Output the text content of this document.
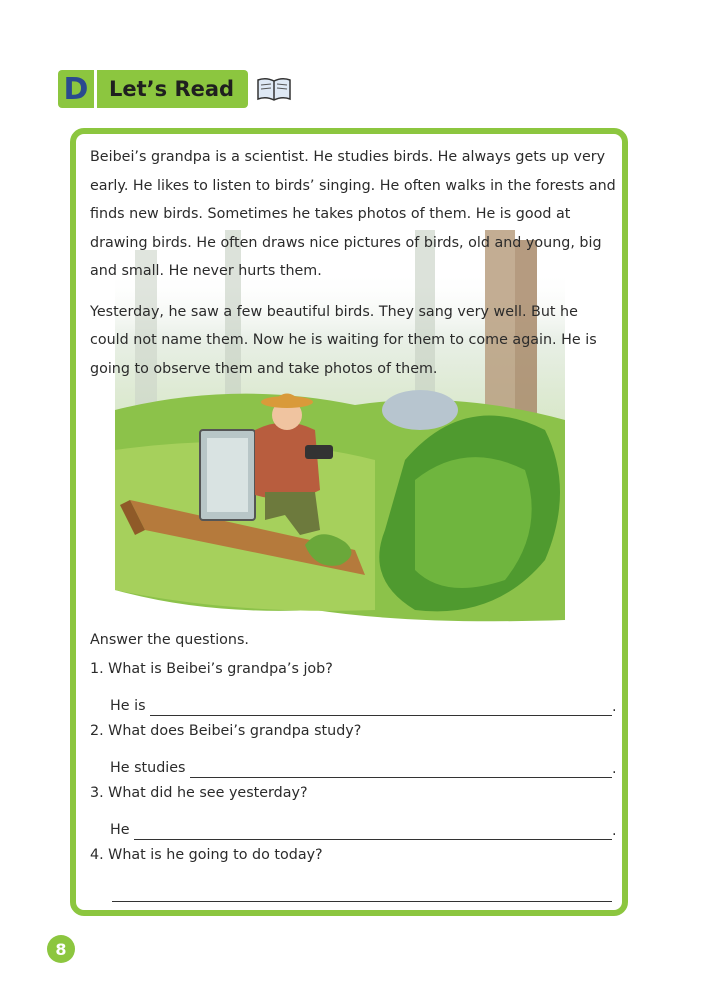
D Let’s Read

Beibei’s grandpa is a scientist. He studies birds. He always gets up very early. He likes to listen to birds’ singing. He often walks in the forests and finds new birds. Sometimes he takes photos of them. He is good at drawing birds. He often draws nice pictures of birds, old and young, big and small. He never hurts them.

Yesterday, he saw a few beautiful birds. They sang very well. But he could not name them. Now he is waiting for them to come again. He is going to observe them and take photos of them.

Answer the questions.
1. What is Beibei’s grandpa’s job?
He is	.
2. What does Beibei’s grandpa study?
He studies	.
3. What did he see yesterday?
He	.
4. What is he going to do today?
8
